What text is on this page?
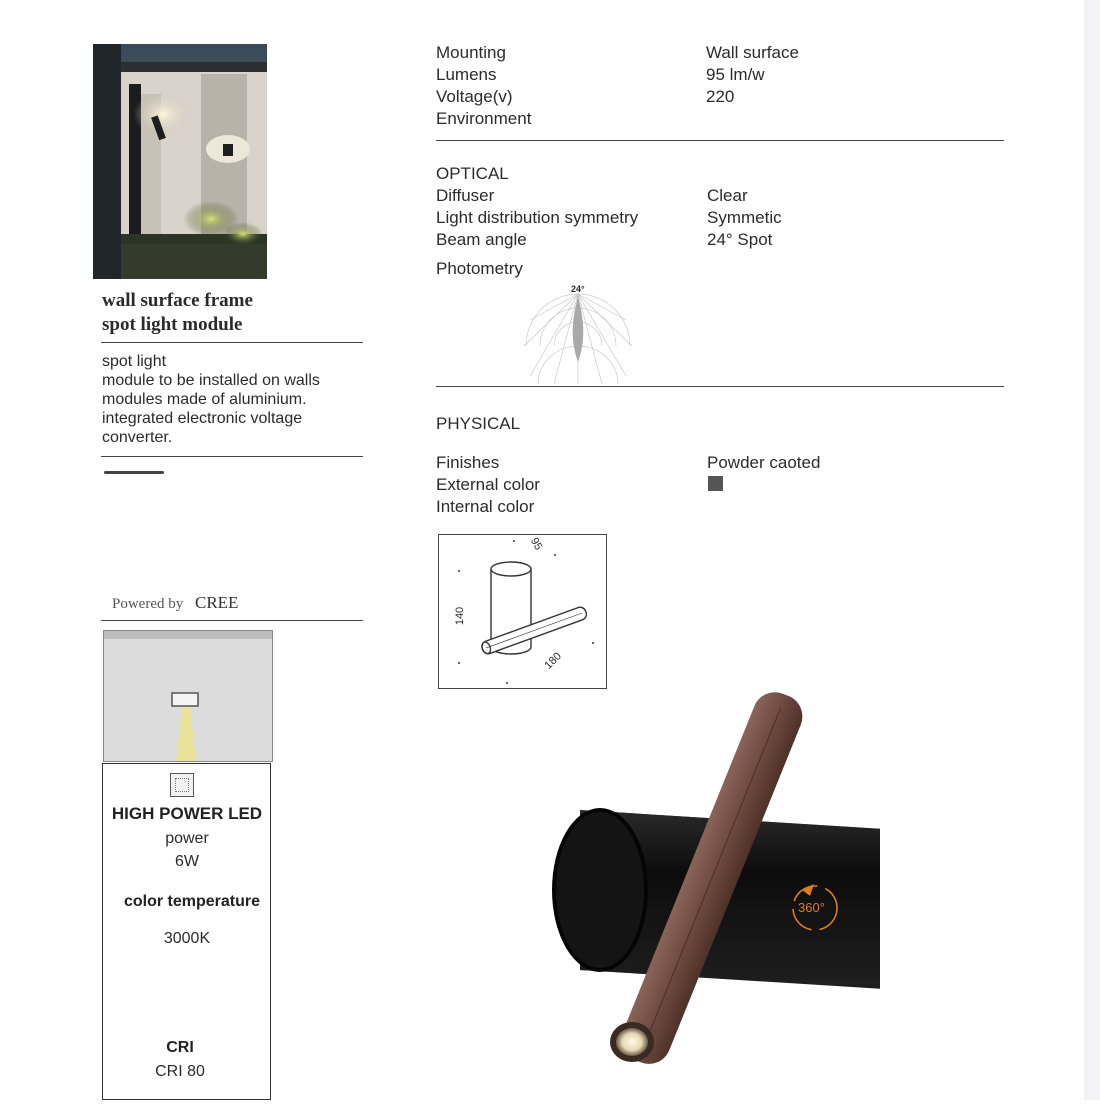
wall surface frame
spot light module
spot light
module to be installed on walls
modules made of aluminium.
integrated electronic voltage
converter.
Powered by CREE
HIGH POWER LED
power
6W
color temperature
3000K
CRI
CRI 80
Mounting
Lumens
Voltage(v)
Environment
Wall surface
95 lm/w
220
OPTICAL
Diffuser
Light distribution symmetry
Beam angle
Clear
Symmetic
24° Spot
Photometry
24°
PHYSICAL
Finishes
External color
Internal color
Powder caoted
95
140
180
360°
